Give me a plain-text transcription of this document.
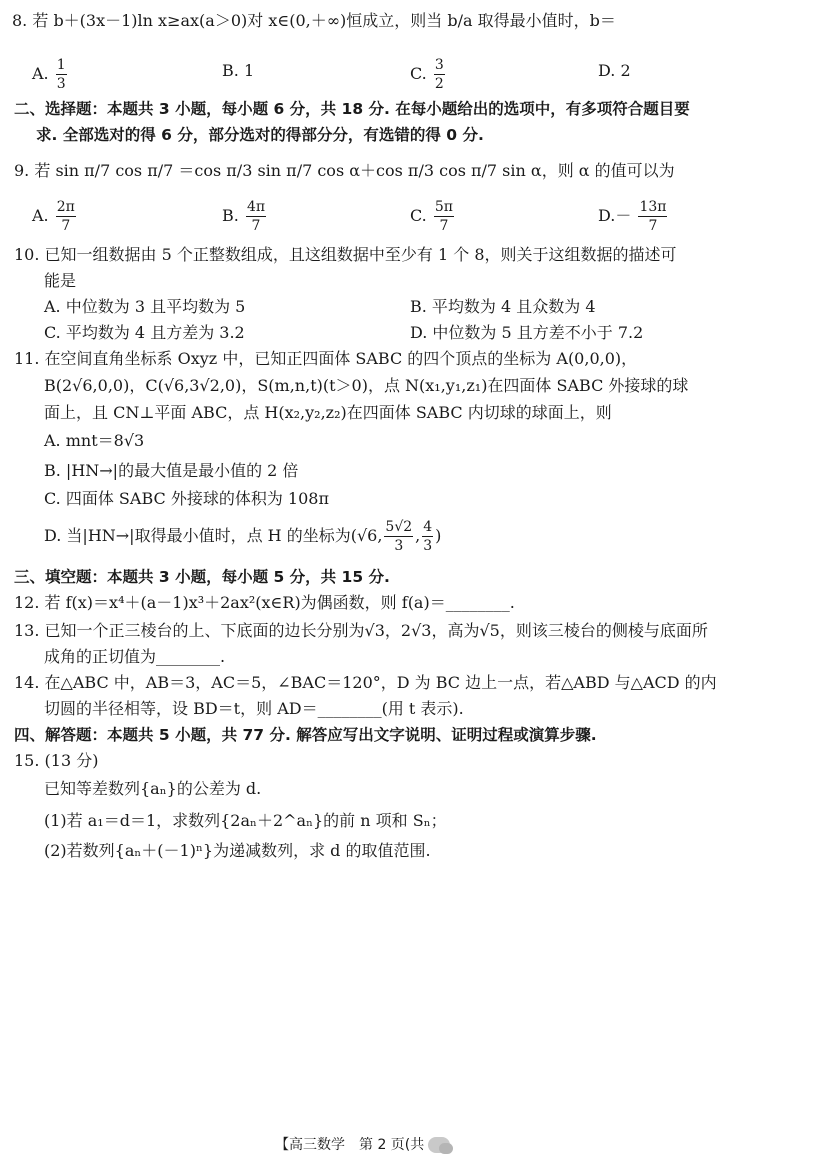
8. 若 b＋(3x－1)ln x≥ax(a＞0)对 x∈(0,＋∞)恒成立，则当 b/a 取得最小值时，b＝
A. $\frac{1}{3}$	B. 1	C. $\frac{3}{2}$	D. 2
二、选择题：本题共 3 小题，每小题 6 分，共 18 分. 在每小题给出的选项中，有多项符合题目要
求. 全部选对的得 6 分，部分选对的得部分分，有选错的得 0 分.
9. 若 sin π/7 cos π/7 ＝cos π/3 sin π/7 cos α＋cos π/3 cos π/7 sin α，则 α 的值可以为
A. $\frac{2\pi}{7}$	B. $\frac{4\pi}{7}$	C. $\frac{5\pi}{7}$	$D.- \frac{13\pi}{7}$
10. 已知一组数据由 5 个正整数组成，且这组数据中至少有 1 个 8，则关于这组数据的描述可
能是
A. 中位数为 3 且平均数为 5	B. 平均数为 4 且众数为 4
C. 平均数为 4 且方差为 3.2	D. 中位数为 5 且方差不小于 7.2
11. 在空间直角坐标系 Oxyz 中，已知正四面体 SABC 的四个顶点的坐标为 A(0,0,0)，
B(2√6,0,0)，C(√6,3√2,0)，S(m,n,t)(t＞0)，点 N(x₁,y₁,z₁)在四面体 SABC 外接球的球
面上，且 CN⊥平面 ABC，点 H(x₂,y₂,z₂)在四面体 SABC 内切球的球面上，则
A. mnt＝8√3
B. |HN→|的最大值是最小值的 2 倍
C. 四面体 SABC 外接球的体积为 108π
D. 当|HN→|取得最小值时，点 H 的坐标为(√6, $\frac{5√2}{3}$ , $\frac{4}{3}$ )
三、填空题：本题共 3 小题，每小题 5 分，共 15 分.
12. 若 f(x)＝x⁴＋(a－1)x³＋2ax²(x∈R)为偶函数，则 f(a)＝________.
13. 已知一个正三棱台的上、下底面的边长分别为√3，2√3，高为√5，则该三棱台的侧棱与底面所
成角的正切值为________.
14. 在△ABC 中，AB＝3，AC＝5，∠BAC＝120°，D 为 BC 边上一点，若△ABD 与△ACD 的内
切圆的半径相等，设 BD＝t，则 AD＝________(用 t 表示).
四、解答题：本题共 5 小题，共 77 分. 解答应写出文字说明、证明过程或演算步骤.
15. (13 分)
已知等差数列{aₙ}的公差为 d.
(1)若 a₁＝d＝1，求数列{2aₙ＋2^aₙ}的前 n 项和 Sₙ；
(2)若数列{aₙ＋(－1)ⁿ}为递减数列，求 d 的取值范围.
【高三数学　第 2 页(共
